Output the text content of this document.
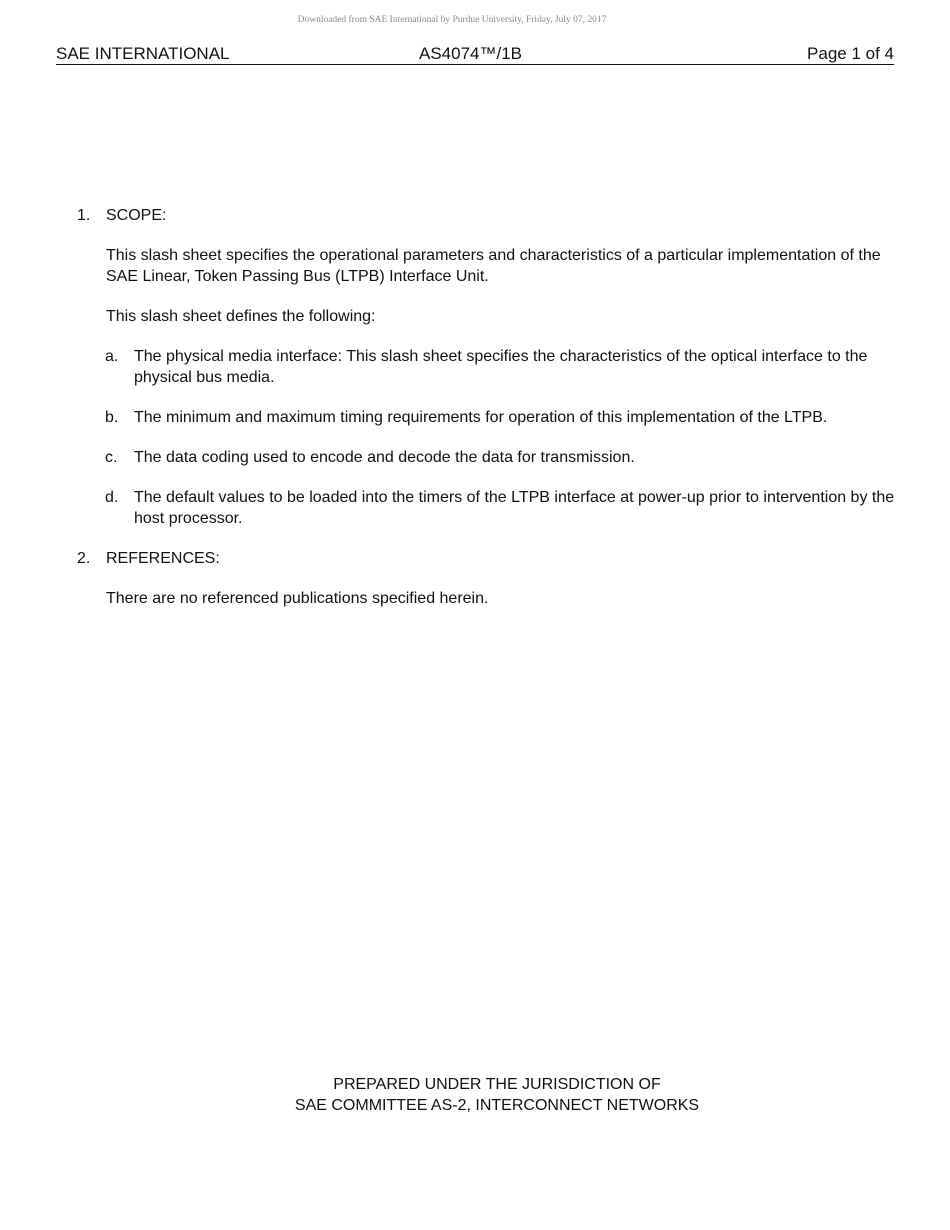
Downloaded from SAE International by Purdue University, Friday, July 07, 2017
SAE INTERNATIONAL	AS4074™/1B	Page 1 of 4
1. SCOPE:

This slash sheet specifies the operational parameters and characteristics of a particular implementation of the SAE Linear, Token Passing Bus (LTPB) Interface Unit.

This slash sheet defines the following:

a. The physical media interface: This slash sheet specifies the characteristics of the optical interface to the physical bus media.
b. The minimum and maximum timing requirements for operation of this implementation of the LTPB.
c. The data coding used to encode and decode the data for transmission.
d. The default values to be loaded into the timers of the LTPB interface at power-up prior to intervention by the host processor.
2. REFERENCES:

There are no referenced publications specified herein.

PREPARED UNDER THE JURISDICTION OF
SAE COMMITTEE AS-2, INTERCONNECT NETWORKS
